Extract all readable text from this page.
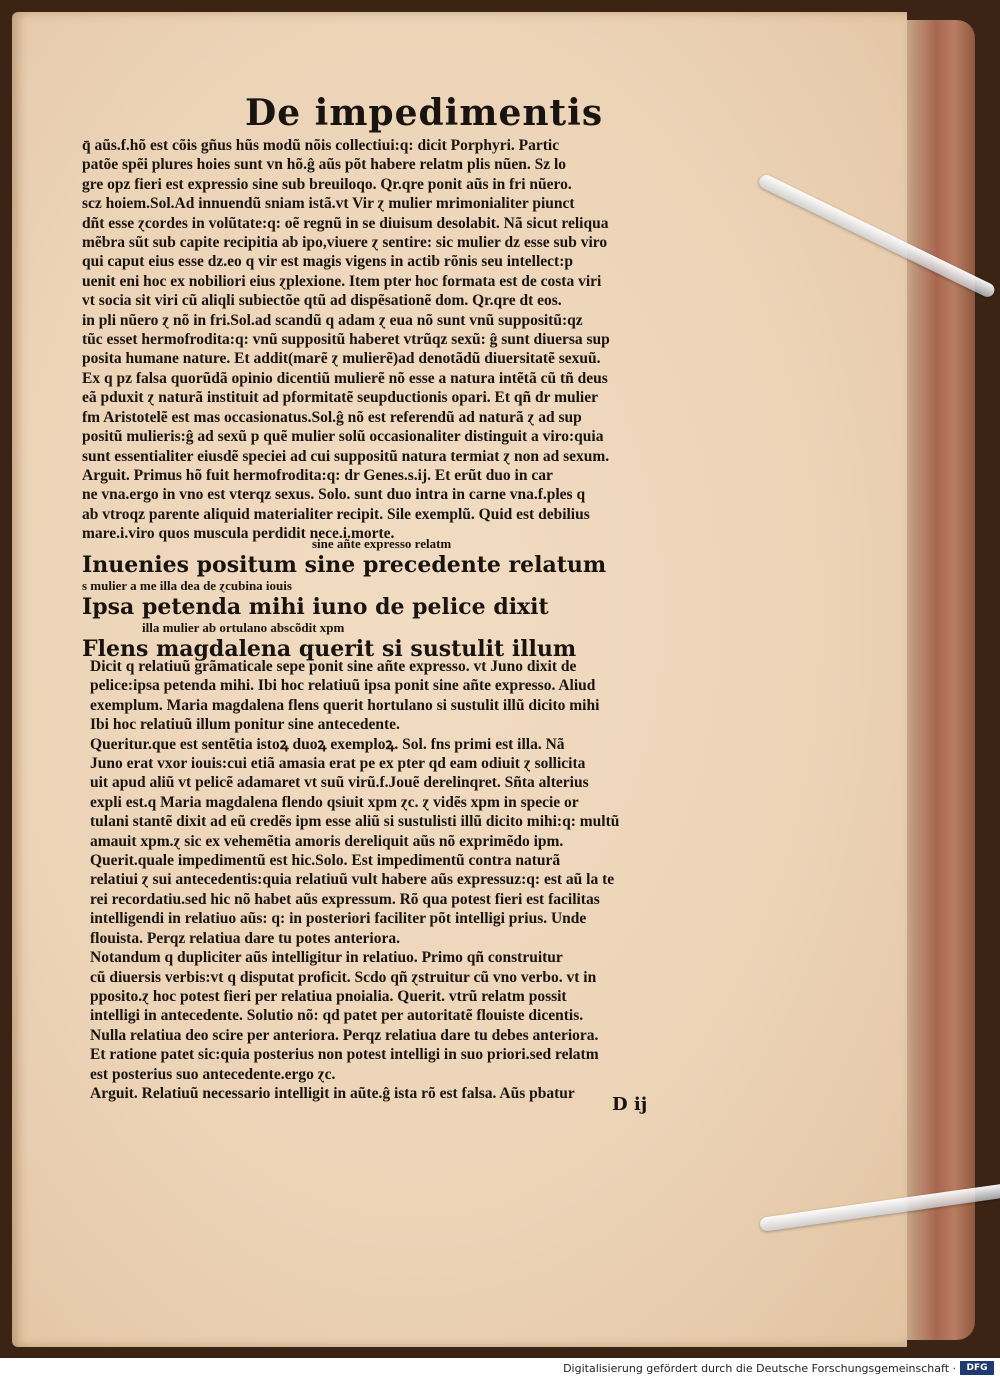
De impedimentis
q̄ aũs.f.hõ est cõis gñus hũs modũ nõis collectiui:q: dicit Porphyri. Partic
patõe spẽi plures hoies sunt vn hõ.ĝ aũs põt habere relatm plis nũen. Sz lo
gre opz fieri est expressio sine sub breuiloqo. Qr.qre ponit aũs in fri nũero.
scz hoiem.Sol.Ad innuendũ sniam istã.vt Vir ɀ mulier mrimonialiter piunct
dñt esse ɀcordes in volũtate:q: oẽ regnũ in se diuisum desolabit. Nã sicut reliqua
mẽbra sũt sub capite recipitia ab ipo,viuere ɀ sentire: sic mulier dz esse sub viro
qui caput eius esse dz.eo q vir est magis vigens in actib rõnis seu intellect:p
uenit eni hoc ex nobiliori eius ɀplexione. Item pter hoc formata est de costa viri
vt socia sit viri cũ aliqli subiectõe qtũ ad dispẽsationẽ dom. Qr.qre dt eos.
in pli nũero ɀ nõ in fri.Sol.ad scandũ q adam ɀ eua nõ sunt vnũ suppositũ:qz
tũc esset hermofrodita:q: vnũ suppositũ haberet vtrũqz sexũ: ĝ sunt diuersa sup
posita humane nature. Et addit(marẽ ɀ mulierẽ)ad denotãdũ diuersitatẽ sexuũ.
Ex q pz falsa quorũdã opinio dicentiũ mulierẽ nõ esse a natura intẽtã cũ tñ deus
eã pduxit ɀ naturã instituit ad pformitatẽ seupductionis opari. Et qñ dr mulier
fm Aristotelẽ est mas occasionatus.Sol.ĝ nõ est referendũ ad naturã ɀ ad sup
positũ mulieris:ĝ ad sexũ p quẽ mulier solũ occasionaliter distinguit a viro:quia
sunt essentialiter eiusdẽ speciei ad cui suppositũ natura termiat ɀ non ad sexum.
Arguit. Primus hõ fuit hermofrodita:q: dr Genes.s.ij. Et erũt duo in car
ne vna.ergo in vno est vterqz sexus. Solo. sunt duo intra in carne vna.f.ples q
ab vtroqz parente aliquid materialiter recipit. Sile exemplũ. Quid est debilius
mare.i.viro quos muscula perdidit nece.i.morte.
sine añte expresso relatm
Inuenies positum sine precedente relatum
s mulier a me illa dea de ɀcubina iouis
Ipsa petenda mihi iuno de pelice dixit
illa mulier ab ortulano abscõdit xpm
Flens magdalena querit si sustulit illum
Dicit q relatiuũ grãmaticale sepe ponit sine añte expresso. vt Juno dixit de
pelice:ipsa petenda mihi. Ibi hoc relatiuũ ipsa ponit sine añte expresso. Aliud
exemplum. Maria magdalena flens querit hortulano si sustulit illũ dicito mihi
Ibi hoc relatiuũ illum ponitur sine antecedente.
Queritur.que est sentẽtia istoꝝ duoꝝ exemploꝝ. Sol. fns primi est illa. Nã
Juno erat vxor iouis:cui etiã amasia erat pe ex pter qd eam odiuit ɀ sollicita
uit apud aliũ vt pelicẽ adamaret vt suũ virũ.f.Jouẽ derelinqret. Sñta alterius
expli est.q Maria magdalena flendo qsiuit xpm ɀc. ɀ vidẽs xpm in specie or
tulani stantẽ dixit ad eũ credẽs ipm esse aliũ si sustulisti illũ dicito mihi:q: multũ
amauit xpm.ɀ sic ex vehemẽtia amoris dereliquit aũs nõ exprimẽdo ipm.
Querit.quale impedimentũ est hic.Solo. Est impedimentũ contra naturã
relatiui ɀ sui antecedentis:quia relatiuũ vult habere aũs expressuz:q: est aũ la te
rei recordatiu.sed hic nõ habet aũs expressum. Rõ qua potest fieri est facilitas
intelligendi in relatiuo aũs: q: in posteriori faciliter põt intelligi prius. Unde
flouista. Perqz relatiua dare tu potes anteriora.
Notandum q dupliciter aũs intelligitur in relatiuo. Primo qñ construitur
cũ diuersis verbis:vt q disputat proficit. Scdo qñ ɀstruitur cũ vno verbo. vt in
pposito.ɀ hoc potest fieri per relatiua pnoialia. Querit. vtrũ relatm possit
intelligi in antecedente. Solutio nõ: qd patet per autoritatẽ flouiste dicentis.
Nulla relatiua deo scire per anteriora. Perqz relatiua dare tu debes anteriora.
Et ratione patet sic:quia posterius non potest intelligi in suo priori.sed relatm
est posterius suo antecedente.ergo ɀc.
Arguit. Relatiuũ necessario intelligit in aũte.ĝ ista rõ est falsa. Aũs pbatur
D ij
Digitalisierung gefördert durch die Deutsche Forschungsgemeinschaft ·	DFG
